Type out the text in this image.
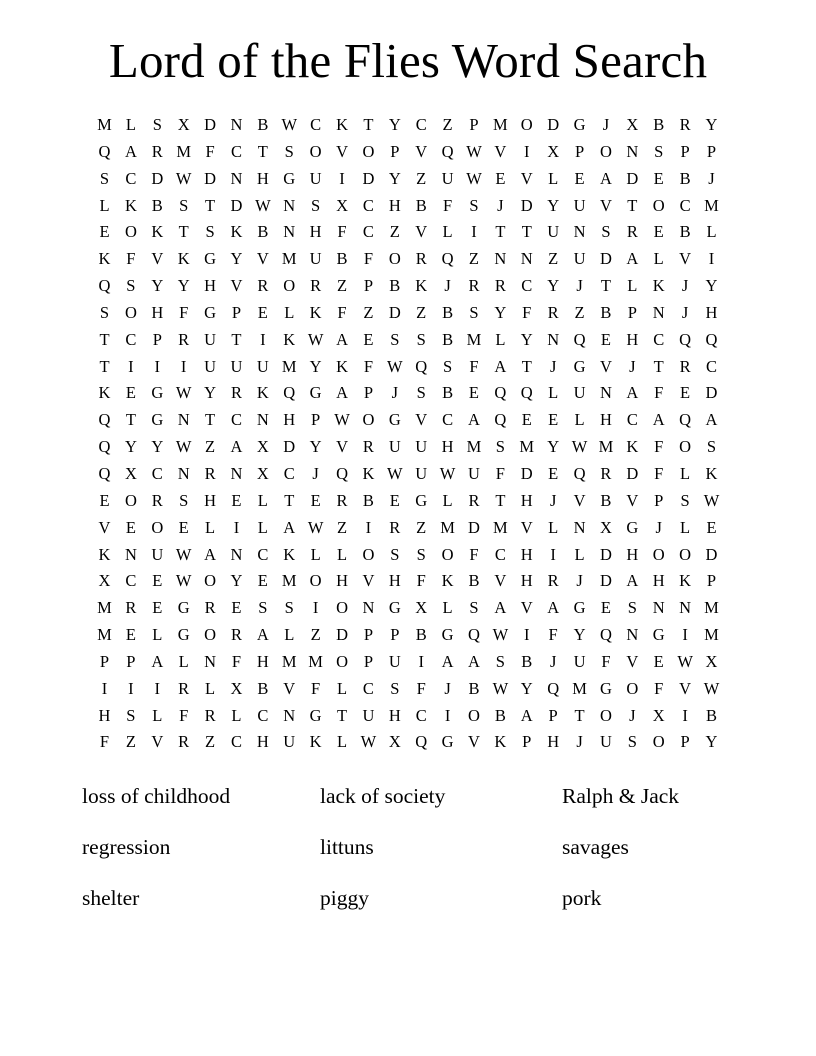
Lord of the Flies Word Search
M	L	S	X	D	N	B	W	C	K	T	Y	C	Z	P	M	O	D	G	J	X	B	R	Y
Q	A	R	M	F	C	T	S	O	V	O	P	V	Q	W	V	I	X	P	O	N	S	P	P
S	C	D	W	D	N	H	G	U	I	D	Y	Z	U	W	E	V	L	E	A	D	E	B	J
L	K	B	S	T	D	W	N	S	X	C	H	B	F	S	J	D	Y	U	V	T	O	C	M
E	O	K	T	S	K	B	N	H	F	C	Z	V	L	I	T	T	U	N	S	R	E	B	L
K	F	V	K	G	Y	V	M	U	B	F	O	R	Q	Z	N	N	Z	U	D	A	L	V	I
Q	S	Y	Y	H	V	R	O	R	Z	P	B	K	J	R	R	C	Y	J	T	L	K	J	Y
S	O	H	F	G	P	E	L	K	F	Z	D	Z	B	S	Y	F	R	Z	B	P	N	J	H
T	C	P	R	U	T	I	K	W	A	E	S	S	B	M	L	Y	N	Q	E	H	C	Q	Q
T	I	I	I	U	U	U	M	Y	K	F	W	Q	S	F	A	T	J	G	V	J	T	R	C
K	E	G	W	Y	R	K	Q	G	A	P	J	S	B	E	Q	Q	L	U	N	A	F	E	D
Q	T	G	N	T	C	N	H	P	W	O	G	V	C	A	Q	E	E	L	H	C	A	Q	A
Q	Y	Y	W	Z	A	X	D	Y	V	R	U	U	H	M	S	M	Y	W	M	K	F	O	S
Q	X	C	N	R	N	X	C	J	Q	K	W	U	W	U	F	D	E	Q	R	D	F	L	K
E	O	R	S	H	E	L	T	E	R	B	E	G	L	R	T	H	J	V	B	V	P	S	W
V	E	O	E	L	I	L	A	W	Z	I	R	Z	M	D	M	V	L	N	X	G	J	L	E
K	N	U	W	A	N	C	K	L	L	O	S	S	O	F	C	H	I	L	D	H	O	O	D
X	C	E	W	O	Y	E	M	O	H	V	H	F	K	B	V	H	R	J	D	A	H	K	P
M	R	E	G	R	E	S	S	I	O	N	G	X	L	S	A	V	A	G	E	S	N	N	M
M	E	L	G	O	R	A	L	Z	D	P	P	B	G	Q	W	I	F	Y	Q	N	G	I	M
P	P	A	L	N	F	H	M	M	O	P	U	I	A	A	S	B	J	U	F	V	E	W	X
I	I	I	R	L	X	B	V	F	L	C	S	F	J	B	W	Y	Q	M	G	O	F	V	W
H	S	L	F	R	L	C	N	G	T	U	H	C	I	O	B	A	P	T	O	J	X	I	B
F	Z	V	R	Z	C	H	U	K	L	W	X	Q	G	V	K	P	H	J	U	S	O	P	Y
loss of childhood	lack of society	Ralph & Jack
regression	littuns	savages
shelter	piggy	pork
